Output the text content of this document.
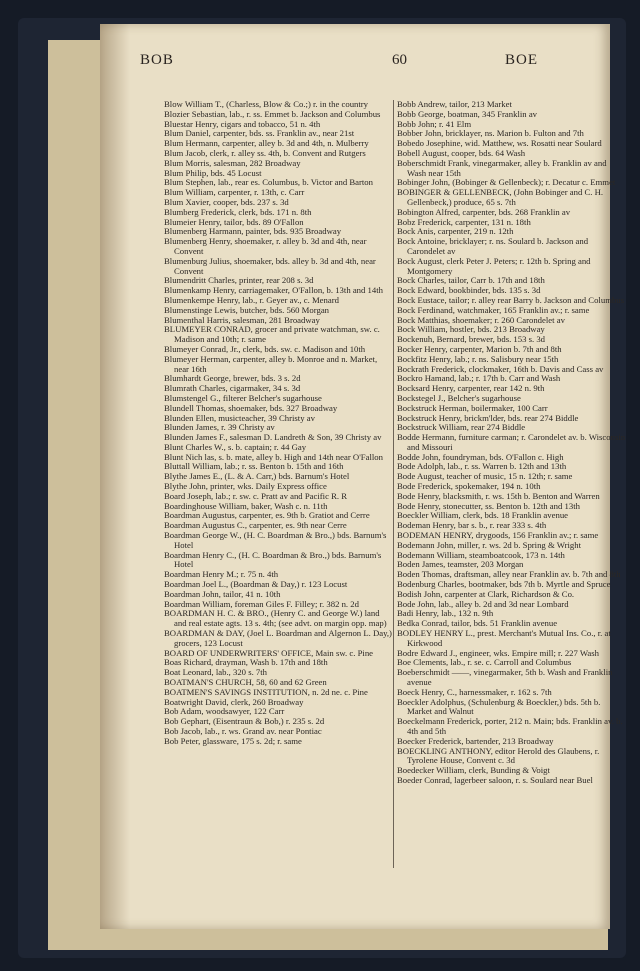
BOB	60	BOE

Blow William T., (Charless, Blow & Co.;) r. in the country

Blozier Sebastian, lab., r. ss. Emmet b. Jackson and Columbus

Bluestar Henry, cigars and tobacco, 51 n. 4th

Blum Daniel, carpenter, bds. ss. Franklin av., near 21st

Blum Hermann, carpenter, alley b. 3d and 4th, n. Mulberry

Blum Jacob, clerk, r. alley ss. 4th, b. Convent and Rutgers

Blum Morris, salesman, 282 Broadway

Blum Philip, bds. 45 Locust

Blum Stephen, lab., rear es. Columbus, b. Victor and Barton

Blum William, carpenter, r. 13th, c. Carr

Blum Xavier, cooper, bds. 237 s. 3d

Blumberg Frederick, clerk, bds. 171 n. 8th

Blumeier Henry, tailor, bds. 89 O'Fallon

Blumenberg Harmann, painter, bds. 935 Broadway

Blumenberg Henry, shoemaker, r. alley b. 3d and 4th, near Convent

Blumenburg Julius, shoemaker, bds. alley b. 3d and 4th, near Convent

Blumendritt Charles, printer, rear 208 s. 3d

Blumenkamp Henry, carriagemaker, O'Fallon, b. 13th and 14th

Blumenkempe Henry, lab., r. Geyer av., c. Menard

Blumenstinge Lewis, butcher, bds. 560 Morgan

Blumenthal Harris, salesman, 281 Broadway

BLUMEYER CONRAD, grocer and private watchman, sw. c. Madison and 10th; r. same

Blumeyer Conrad, Jr., clerk, bds. sw. c. Madison and 10th

Blumeyer Herman, carpenter, alley b. Monroe and n. Market, near 16th

Blumhardt George, brewer, bds. 3 s. 2d

Blumrath Charles, cigarmaker, 34 s. 3d

Blumstengel G., filterer Belcher's sugarhouse

Blundell Thomas, shoemaker, bds. 327 Broadway

Blunden Ellen, musicteacher, 39 Christy av

Blunden James, r. 39 Christy av

Blunden James F., salesman D. Landreth & Son, 39 Christy av

Blunt Charles W., s. b. captain; r. 44 Gay

Blunt Nich las, s. b. mate, alley b. High and 14th near O'Fallon

Bluttall William, lab.; r. ss. Benton b. 15th and 16th

Blythe James E., (L. & A. Carr,) bds. Barnum's Hotel

Blythe John, printer, wks. Daily Express office

Board Joseph, lab.; r. sw. c. Pratt av and Pacific R. R

Boardinghouse William, baker, Wash c. n. 11th

Boardman Augustus, carpenter, es. 9th b. Gratiot and Cerre

Boardman Augustus C., carpenter, es. 9th near Cerre

Boardman George W., (H. C. Boardman & Bro.,) bds. Barnum's Hotel

Boardman Henry C., (H. C. Boardman & Bro.,) bds. Barnum's Hotel

Boardman Henry M.; r. 75 n. 4th

Boardman Joel L., (Boardman & Day,) r. 123 Locust

Boardman John, tailor, 41 n. 10th

Boardman William, foreman Giles F. Filley; r. 382 n. 2d

BOARDMAN H. C. & BRO., (Henry C. and George W.) land and real estate agts. 13 s. 4th; (see advt. on margin opp. map)

BOARDMAN & DAY, (Joel L. Boardman and Algernon L. Day,) grocers, 123 Locust

BOARD OF UNDERWRITERS' OFFICE, Main sw. c. Pine

Boas Richard, drayman, Wash b. 17th and 18th

Boat Leonard, lab., 320 s. 7th

BOATMAN'S CHURCH, 58, 60 and 62 Green

BOATMEN'S SAVINGS INSTITUTION, n. 2d ne. c. Pine

Boatwright David, clerk, 260 Broadway

Bob Adam, woodsawyer, 122 Carr

Bob Gephart, (Eisentraun & Bob,) r. 235 s. 2d

Bob Jacob, lab., r. ws. Grand av. near Pontiac

Bob Peter, glassware, 175 s. 2d; r. same

Bobb Andrew, tailor, 213 Market

Bobb George, boatman, 345 Franklin av

Bobb John; r. 41 Elm

Bobber John, bricklayer, ns. Marion b. Fulton and 7th

Bobedo Josephine, wid. Matthew, ws. Rosatti near Soulard

Bobell August, cooper, bds. 64 Wash

Boberschmidt Frank, vinegarmaker, alley b. Franklin av and Wash near 15th

Bobinger John, (Bobinger & Gellenbeck); r. Decatur c. Emmet

BOBINGER & GELLENBECK, (John Bobinger and C. H. Gellenbeck,) produce, 65 s. 7th

Bobington Alfred, carpenter, bds. 268 Franklin av

Bobz Frederick, carpenter, 131 n. 18th

Bock Anis, carpenter, 219 n. 12th

Bock Antoine, bricklayer; r. ns. Soulard b. Jackson and Carondelet av

Bock August, clerk Peter J. Peters; r. 12th b. Spring and Montgomery

Bock Charles, tailor, Carr b. 17th and 18th

Bock Edward, bookbinder, bds. 135 s. 3d

Bock Eustace, tailor; r. alley rear Barry b. Jackson and Columbus

Bock Ferdinand, watchmaker, 165 Franklin av.; r. same

Bock Matthias, shoemaker; r. 260 Carondelet av

Bock William, hostler, bds. 213 Broadway

Bockenuh, Bernard, brewer, bds. 153 s. 3d

Bocker Henry, carpenter, Marion b. 7th and 8th

Bockfitz Henry, lab.; r. ns. Salisbury near 15th

Bockrath Frederick, clockmaker, 16th b. Davis and Cass av

Bockro Hamand, lab.; r. 17th b. Carr and Wash

Bocksard Henry, carpenter, rear 142 n. 9th

Bockstegel J., Belcher's sugarhouse

Bockstruck Herman, boilermaker, 100 Carr

Bockstruck Henry, brickm'lder, bds. rear 274 Biddle

Bockstruck William, rear 274 Biddle

Bodde Hermann, furniture carman; r. Carondelet av. b. Wisconsin and Missouri

Bodde John, foundryman, bds. O'Fallon c. High

Bode Adolph, lab., r. ss. Warren b. 12th and 13th

Bode August, teacher of music, 15 n. 12th; r. same

Bode Frederick, spokemaker, 194 n. 10th

Bode Henry, blacksmith, r. ws. 15th b. Benton and Warren

Bode Henry, stonecutter, ss. Benton b. 12th and 13th

Boeckler William, clerk, bds. 18 Franklin avenue

Bodeman Henry, bar s. b., r. rear 333 s. 4th

BODEMAN HENRY, drygoods, 156 Franklin av.; r. same

Bodemann John, miller, r. ws. 2d b. Spring & Wright

Bodemann William, steamboatcook, 173 n. 14th

Boden James, teamster, 203 Morgan

Boden Thomas, draftsman, alley near Franklin av. b. 7th and 8th

Bodenburg Charles, bootmaker, bds 7th b. Myrtle and Spruce

Bodish John, carpenter at Clark, Richardson & Co.

Bode John, lab., alley b. 2d and 3d near Lombard

Badi Henry, lab., 132 n. 9th

Bedka Conrad, tailor, bds. 51 Franklin avenue

BODLEY HENRY L., prest. Merchant's Mutual Ins. Co., r. at Kirkwood

Bodre Edward J., engineer, wks. Empire mill; r. 227 Wash

Boe Clements, lab., r. se. c. Carroll and Columbus

Boeberschmidt ——, vinegarmaker, 5th b. Wash and Franklin avenue

Boeck Henry, C., harnessmaker, r. 162 s. 7th

Boeckler Adolphus, (Schulenburg & Boeckler,) bds. 5th b. Market and Walnut

Boeckelmann Frederick, porter, 212 n. Main; bds. Franklin av. b. 4th and 5th

Boecker Frederick, bartender, 213 Broadway

BOECKLING ANTHONY, editor Herold des Glaubens, r. Tyrolene House, Convent c. 3d

Boedecker William, clerk, Bunding & Voigt

Boeder Conrad, lagerbeer saloon, r. s. Soulard near Buel
